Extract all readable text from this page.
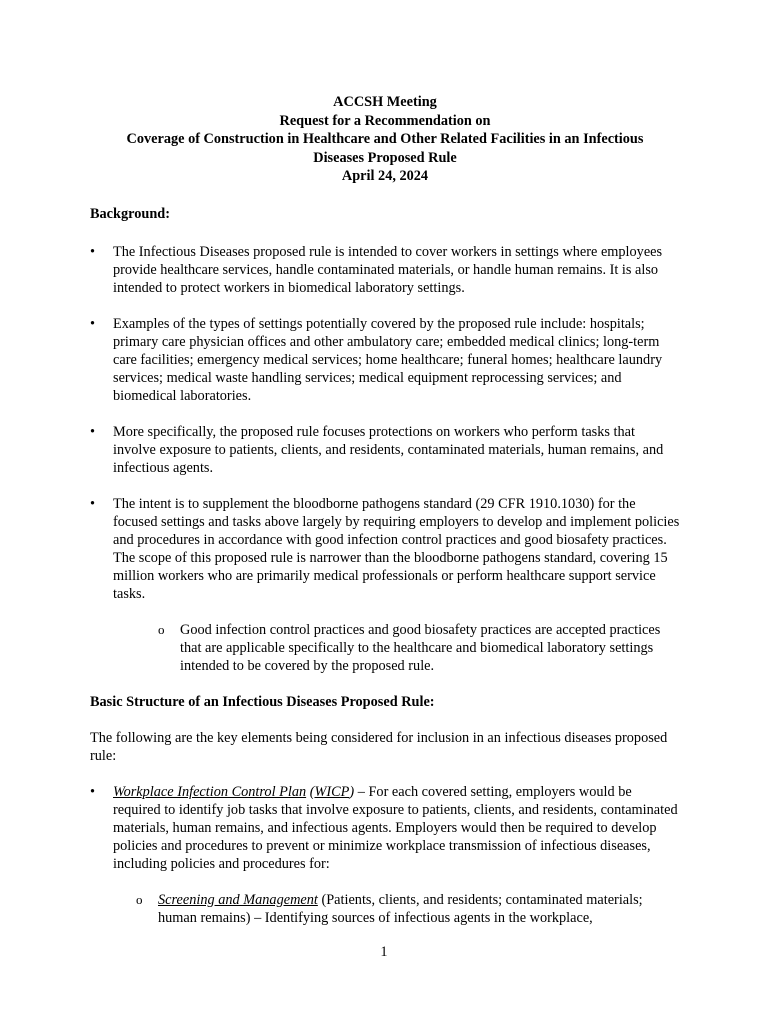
ACCSH Meeting
Request for a Recommendation on
Coverage of Construction in Healthcare and Other Related Facilities in an Infectious
Diseases Proposed Rule
April 24, 2024

Background:

•	The Infectious Diseases proposed rule is intended to cover workers in settings where employees provide healthcare services, handle contaminated materials, or handle human remains. It is also intended to protect workers in biomedical laboratory settings.
•	Examples of the types of settings potentially covered by the proposed rule include: hospitals; primary care physician offices and other ambulatory care; embedded medical clinics; long-term care facilities; emergency medical services; home healthcare; funeral homes; healthcare laundry services; medical waste handling services; medical equipment reprocessing services; and biomedical laboratories.
•	More specifically, the proposed rule focuses protections on workers who perform tasks that involve exposure to patients, clients, and residents, contaminated materials, human remains, and infectious agents.
•	The intent is to supplement the bloodborne pathogens standard (29 CFR 1910.1030) for the focused settings and tasks above largely by requiring employers to develop and implement policies and procedures in accordance with good infection control practices and good biosafety practices. The scope of this proposed rule is narrower than the bloodborne pathogens standard, covering 15 million workers who are primarily medical professionals or perform healthcare support service tasks.
o Good infection control practices and good biosafety practices are accepted practices that are applicable specifically to the healthcare and biomedical laboratory settings intended to be covered by the proposed rule.

Basic Structure of an Infectious Diseases Proposed Rule:

The following are the key elements being considered for inclusion in an infectious diseases proposed rule:

•	Workplace Infection Control Plan (WICP) – For each covered setting, employers would be required to identify job tasks that involve exposure to patients, clients, and residents, contaminated materials, human remains, and infectious agents. Employers would then be required to develop policies and procedures to prevent or minimize workplace transmission of infectious diseases, including policies and procedures for:
o Screening and Management (Patients, clients, and residents; contaminated materials; human remains) – Identifying sources of infectious agents in the workplace,
1
